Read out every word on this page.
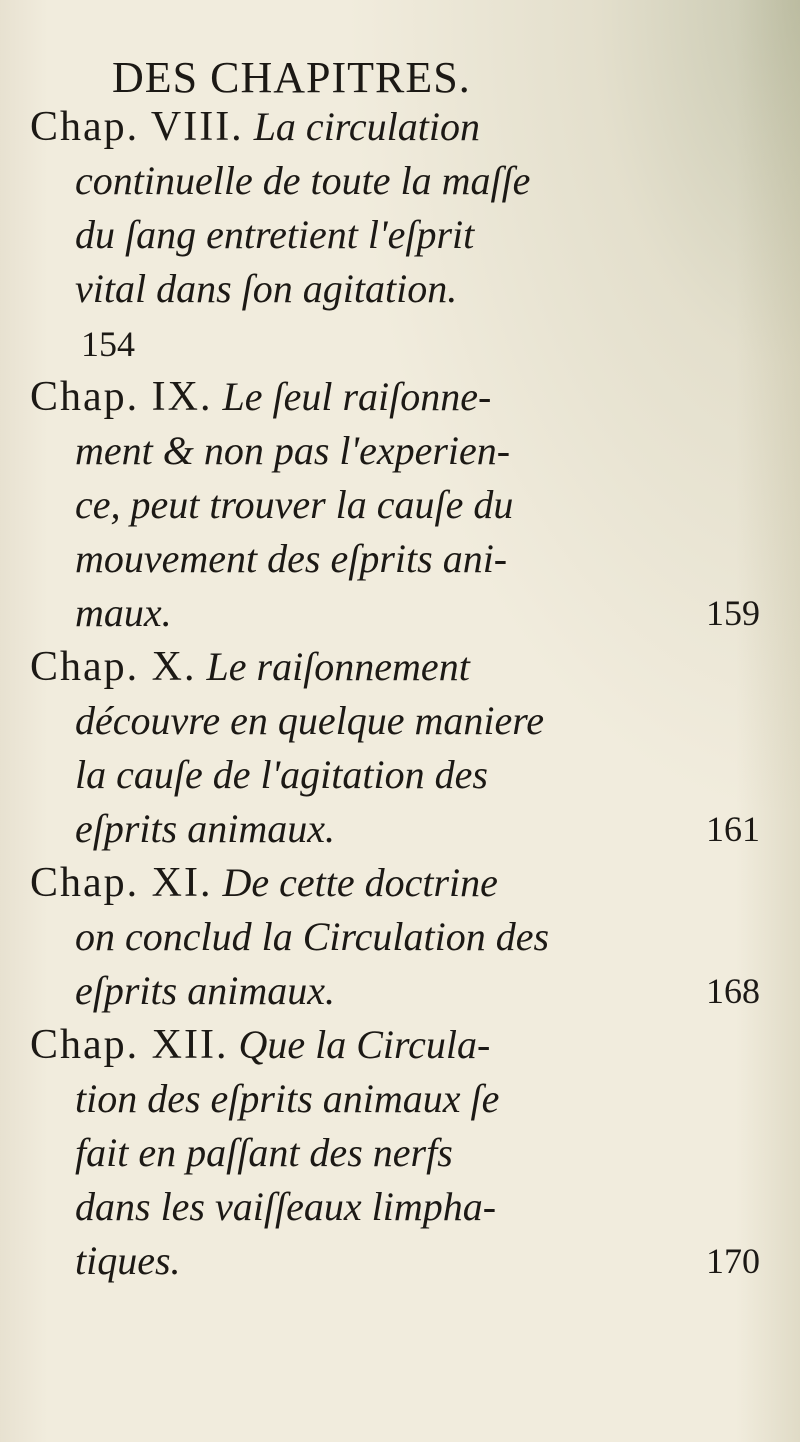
DES CHAPITRES.
Chap. VIII. La circulation
continuelle de toute la maſſe
du ſang entretient l'eſprit
vital dans ſon agitation.
154
Chap. IX. Le ſeul raiſonne-
ment & non pas l'experien-
ce, peut trouver la cauſe du
mouvement des eſprits ani-
maux.	159
Chap. X. Le raiſonnement
découvre en quelque maniere
la cauſe de l'agitation des
eſprits animaux.	161
Chap. XI. De cette doctrine
on conclud la Circulation des
eſprits animaux.	168
Chap. XII. Que la Circula-
tion des eſprits animaux ſe
fait en paſſant des nerfs
dans les vaiſſeaux limpha-
tiques.	170
